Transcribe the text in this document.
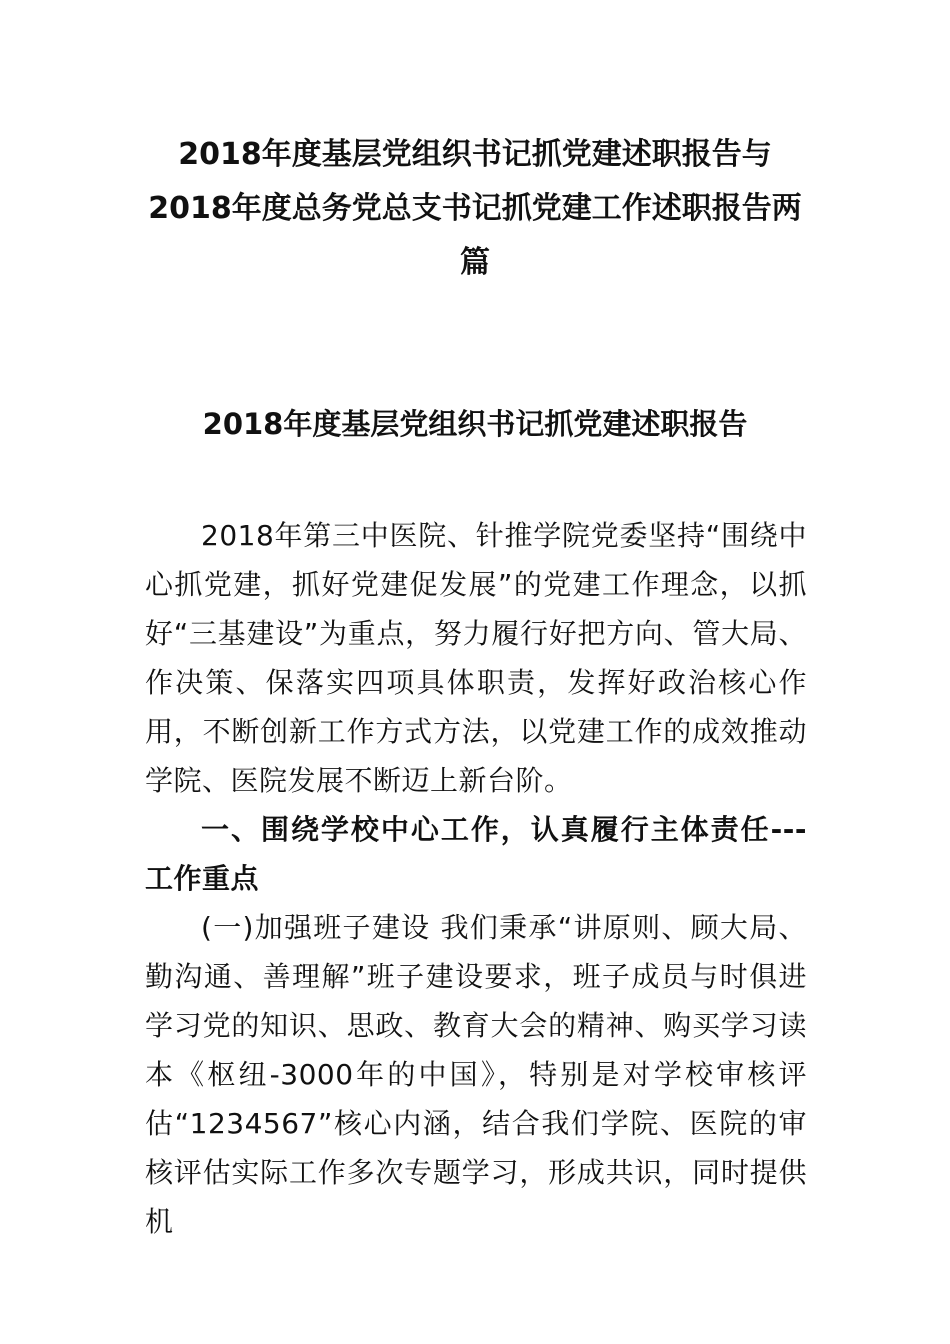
2018年度基层党组织书记抓党建述职报告与
2018年度总务党总支书记抓党建工作述职报告两
篇
2018年度基层党组织书记抓党建述职报告

2018年第三中医院、针推学院党委坚持“围绕中心抓党建，抓好党建促发展”的党建工作理念，以抓好“三基建设”为重点，努力履行好把方向、管大局、作决策、保落实四项具体职责，发挥好政治核心作用，不断创新工作方式方法，以党建工作的成效推动学院、医院发展不断迈上新台阶。

一、围绕学校中心工作，认真履行主体责任---工作重点

(一)加强班子建设 我们秉承“讲原则、顾大局、勤沟通、善理解”班子建设要求，班子成员与时俱进学习党的知识、思政、教育大会的精神、购买学习读本《枢纽-3000年的中国》，特别是对学校审核评估“1234567”核心内涵，结合我们学院、医院的审核评估实际工作多次专题学习，形成共识，同时提供机
